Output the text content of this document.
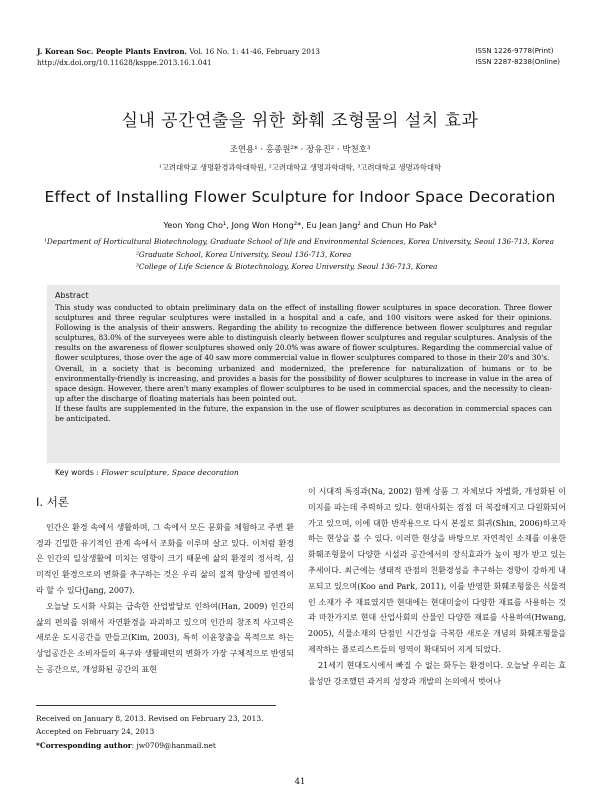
J. Korean Soc. People Plants Environ. Vol. 16 No. 1: 41-46, February 2013
http://dx.doi.org/10.11628/ksppe.2013.16.1.041
ISSN 1226-9778(Print)
ISSN 2287-8238(Online)
실내 공간연출을 위한 화훼 조형물의 설치 효과
조연용¹ · 홍종원²* · 장유진² · 박천호³
¹고려대학교 생명환경과학대학원, ²고려대학교 생명과학대학, ³고려대학교 생명과학대학
Effect of Installing Flower Sculpture for Indoor Space Decoration
Yeon Yong Cho¹, Jong Won Hong²*, Eu Jean Jang² and Chun Ho Pak³
¹Department of Horticultural Biotechnology, Graduate School of life and Environmental Sciences, Korea University, Seoul 136-713, Korea
²Graduate School, Korea University, Seoul 136-713, Korea
³College of Life Science & Biotechnology, Korea University, Seoul 136-713, Korea
Abstract

This study was conducted to obtain preliminary data on the effect of installing flower sculptures in space decoration. Three flower sculptures and three regular sculptures were installed in a hospital and a cafe, and 100 visitors were asked for their opinions. Following is the analysis of their answers. Regarding the ability to recognize the difference between flower sculptures and regular sculptures, 83.0% of the surveyees were able to distinguish clearly between flower sculptures and regular sculptures. Analysis of the results on the awareness of flower sculptures showed only 20.0% was aware of flower sculptures. Regarding the commercial value of flower sculptures, those over the age of 40 saw more commercial value in flower sculptures compared to those in their 20's and 30's.

Overall, in a society that is becoming urbanized and modernized, the preference for naturalization of humans or to be environmentally-friendly is increasing, and provides a basis for the possibility of flower sculptures to increase in value in the area of space design. However, there aren't many examples of flower sculptures to be used in commercial spaces, and the necessity to clean-up after the discharge of floating materials has been pointed out.

If these faults are supplemented in the future, the expansion in the use of flower sculptures as decoration in commercial spaces can be anticipated.

Key words : Flower sculpture, Space decoration
Ⅰ. 서론

인간은 환경 속에서 생활하며, 그 속에서 모든 문화를 체험하고 주변 환경과 긴밀한 유기적인 관계 속에서 조화를 이루며 살고 있다. 이처럼 환경은 인간의 일상생활에 미치는 영향이 크기 때문에 삶의 환경의 정서적, 심미적인 환경으로의 변화를 추구하는 것은 우리 삶의 질적 향상에 필연적이라 할 수 있다(Jang, 2007).

오늘날 도시화 사회는 급속한 산업발달로 인하여(Han, 2009) 인간의 삶의 편의를 위해서 자연환경을 파괴하고 있으며 인간의 창조적 사고력은 새로운 도시공간을 만들고(Kim, 2003), 특히 이윤창출을 목적으로 하는 상업공간은 소비자들의 욕구와 생활패턴의 변화가 가장 구체적으로 반영되는 공간으로, 개성화된 공간의 표현

이 시대적 특징과(Na, 2002) 함께 상품 그 자체보다 차별화, 개성화된 이미지를 파는데 주력하고 있다. 현대사회는 점점 더 복잡해지고 다원화되어 가고 있으며, 이에 대한 반작용으로 다시 본질로 회귀(Shin, 2006)하고자 하는 현상을 볼 수 있다. 이러한 현상을 바탕으로 자연적인 소재를 이용한 화훼조형물이 다양한 시설과 공간에서의 장식효과가 높이 평가 받고 있는 추세이다. 최근에는 생태적 관점의 친환경성을 추구하는 경향이 강하게 내포되고 있으며(Koo and Park, 2011), 이를 반영한 화훼조형물은 식물적인 소재가 주 재료였지만 현대에는 현대미술이 다양한 재료를 사용하는 것과 마찬가지로 현대 산업사회의 산물인 다양한 재료를 사용하여(Hwang, 2005), 식물소재의 단점인 시간성을 극복한 새로운 개념의 화훼조형물을 제작하는 플로리스트들의 영역이 확대되어 지게 되었다.

21세기 현대도시에서 빠질 수 없는 화두는 환경이다. 오늘날 우리는 효율성만 강조했던 과거의 성장과 개발의 논의에서 벗어나

Received on January 8, 2013. Revised on February 23, 2013.
Accepted on February 24, 2013
*Corresponding author: jw0709@hanmail.net
41
